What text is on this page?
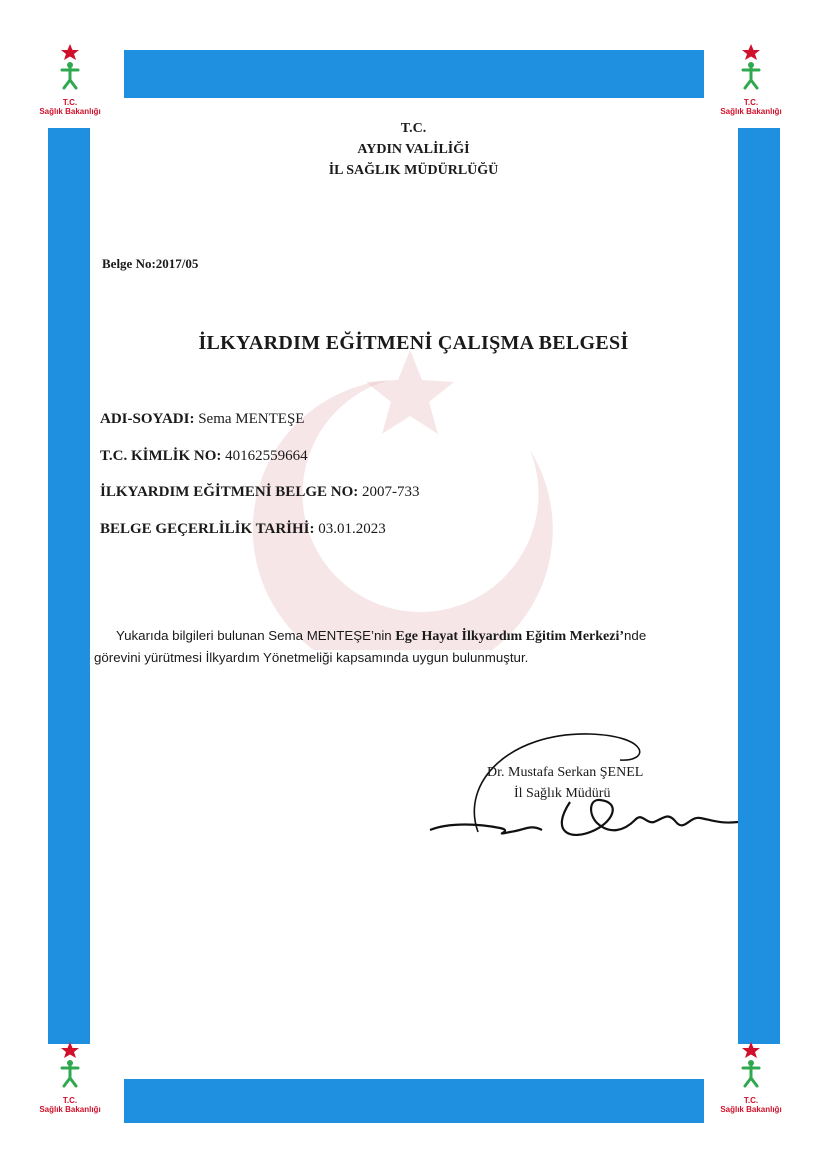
T.C.
Sağlık Bakanlığı
T.C.
Sağlık Bakanlığı
T.C.
Sağlık Bakanlığı
T.C.
Sağlık Bakanlığı
T.C.
AYDIN VALİLİĞİ
İL SAĞLIK MÜDÜRLÜĞÜ
Belge No:2017/05
İLKYARDIM EĞİTMENİ ÇALIŞMA BELGESİ
ADI-SOYADI: Sema MENTEŞE
T.C. KİMLİK NO: 40162559664
İLKYARDIM EĞİTMENİ BELGE NO: 2007-733
BELGE GEÇERLİLİK TARİHİ: 03.01.2023
Yukarıda bilgileri bulunan Sema MENTEŞE’nin Ege Hayat İlkyardım Eğitim Merkezi’nde
görevini yürütmesi İlkyardım Yönetmeliği kapsamında uygun bulunmuştur.
Dr. Mustafa Serkan ŞENEL
İl Sağlık Müdürü
